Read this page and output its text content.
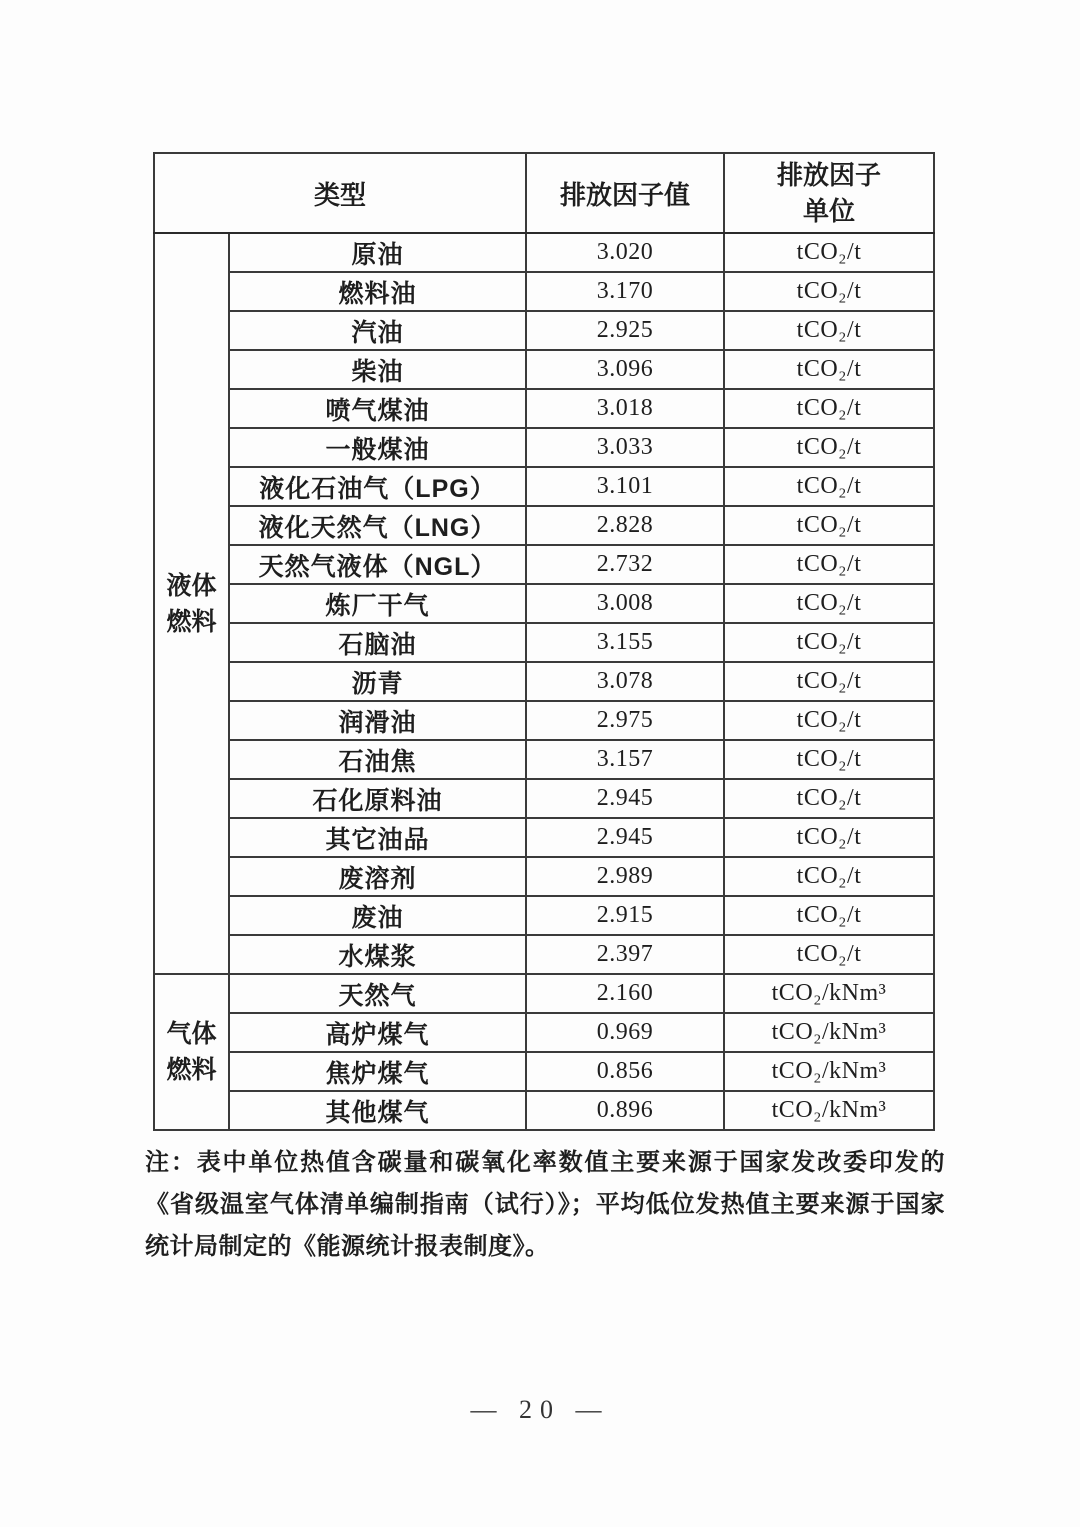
类型		排放因子值	排放因子
单位

液体燃料	原油	3.020	tCO₂/t
	燃料油	3.170	tCO₂/t
	汽油	2.925	tCO₂/t
	柴油	3.096	tCO₂/t
	喷气煤油	3.018	tCO₂/t
	一般煤油	3.033	tCO₂/t
	液化石油气（LPG）	3.101	tCO₂/t
	液化天然气（LNG）	2.828	tCO₂/t
	天然气液体（NGL）	2.732	tCO₂/t
	炼厂干气	3.008	tCO₂/t
	石脑油	3.155	tCO₂/t
	沥青	3.078	tCO₂/t
	润滑油	2.975	tCO₂/t
	石油焦	3.157	tCO₂/t
	石化原料油	2.945	tCO₂/t
	其它油品	2.945	tCO₂/t
	废溶剂	2.989	tCO₂/t
	废油	2.915	tCO₂/t
	水煤浆	2.397	tCO₂/t
气体燃料	天然气	2.160	tCO₂/kNm³
	高炉煤气	0.969	tCO₂/kNm³
	焦炉煤气	0.856	tCO₂/kNm³
	其他煤气	0.896	tCO₂/kNm³

注：表中单位热值含碳量和碳氧化率数值主要来源于国家发改委印发的《省级温室气体清单编制指南（试行）》；平均低位发热值主要来源于国家统计局制定的《能源统计报表制度》。

— 20 —
